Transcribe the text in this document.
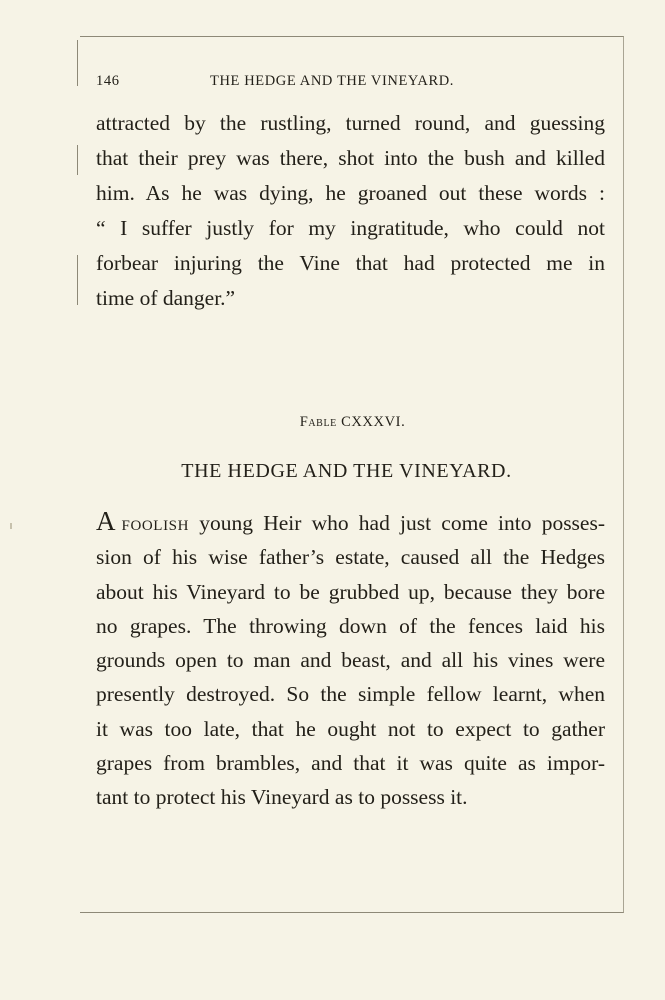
146	THE HEDGE AND THE VINEYARD.

attracted by the rustling, turned round, and guessing
that their prey was there, shot into the bush and killed
him. As he was dying, he groaned out these words :
“ I suffer justly for my ingratitude, who could not
forbear injuring the Vine that had protected me in
time of danger.”

Fable CXXXVI.
THE HEDGE AND THE VINEYARD.

A foolish young Heir who had just come into posses-
sion of his wise father’s estate, caused all the Hedges
about his Vineyard to be grubbed up, because they bore
no grapes. The throwing down of the fences laid his
grounds open to man and beast, and all his vines were
presently destroyed. So the simple fellow learnt, when
it was too late, that he ought not to expect to gather
grapes from brambles, and that it was quite as impor-
tant to protect his Vineyard as to possess it.
